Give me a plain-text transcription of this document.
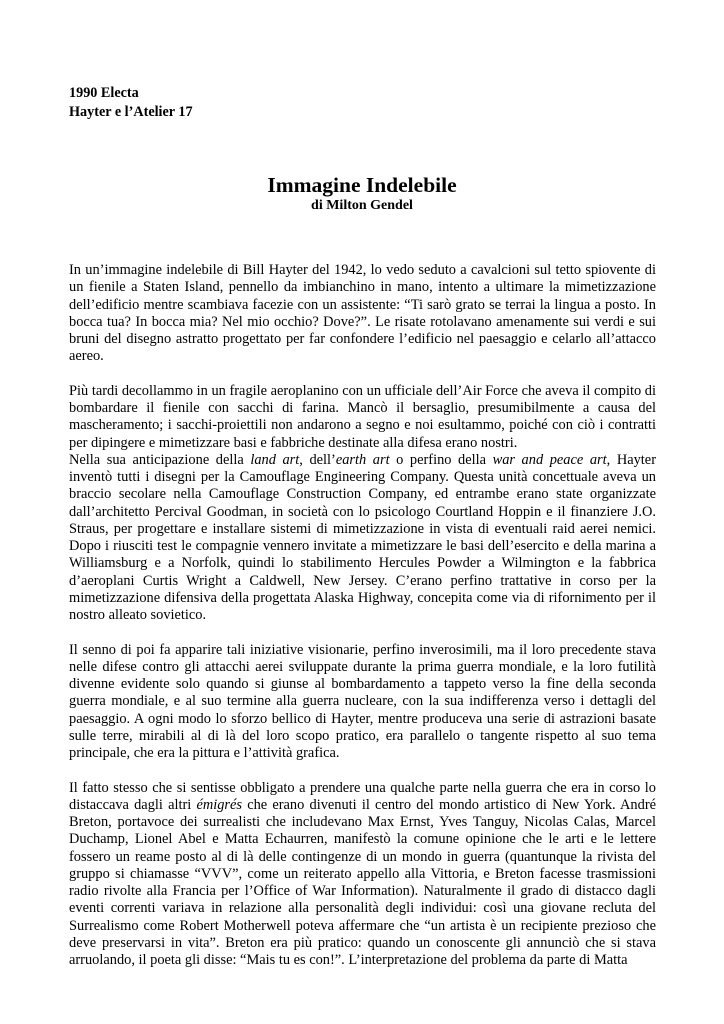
1990 Electa
Hayter e l’Atelier 17
Immagine Indelebile
di Milton Gendel

In un’immagine indelebile di Bill Hayter del 1942, lo vedo seduto a cavalcioni sul tetto spiovente di un fienile a Staten Island, pennello da imbianchino in mano, intento a ultimare la mimetizzazione dell’edificio mentre scambiava facezie con un assistente: “Ti sarò grato se terrai la lingua a posto. In bocca tua? In bocca mia? Nel mio occhio? Dove?”. Le risate rotolavano amenamente sui verdi e sui bruni del disegno astratto progettato per far confondere l’edificio nel paesaggio e celarlo all’attacco aereo.

Più tardi decollammo in un fragile aeroplanino con un ufficiale dell’Air Force che aveva il compito di bombardare il fienile con sacchi di farina. Mancò il bersaglio, presumibilmente a causa del mascheramento; i sacchi-proiettili non andarono a segno e noi esultammo, poiché con ciò i contratti per dipingere e mimetizzare basi e fabbriche destinate alla difesa erano nostri.

Nella sua anticipazione della land art, dell’earth art o perfino della war and peace art, Hayter inventò tutti i disegni per la Camouflage Engineering Company. Questa unità concettuale aveva un braccio secolare nella Camouflage Construction Company, ed entrambe erano state organizzate dall’architetto Percival Goodman, in società con lo psicologo Courtland Hoppin e il finanziere J.O. Straus, per progettare e installare sistemi di mimetizzazione in vista di eventuali raid aerei nemici. Dopo i riusciti test le compagnie vennero invitate a mimetizzare le basi dell’esercito e della marina a Williamsburg e a Norfolk, quindi lo stabilimento Hercules Powder a Wilmington e la fabbrica d’aeroplani Curtis Wright a Caldwell, New Jersey. C’erano perfino trattative in corso per la mimetizzazione difensiva della progettata Alaska Highway, concepita come via di rifornimento per il nostro alleato sovietico.

Il senno di poi fa apparire tali iniziative visionarie, perfino inverosimili, ma il loro precedente stava nelle difese contro gli attacchi aerei sviluppate durante la prima guerra mondiale, e la loro futilità divenne evidente solo quando si giunse al bombardamento a tappeto verso la fine della seconda guerra mondiale, e al suo termine alla guerra nucleare, con la sua indifferenza verso i dettagli del paesaggio. A ogni modo lo sforzo bellico di Hayter, mentre produceva una serie di astrazioni basate sulle terre, mirabili al di là del loro scopo pratico, era parallelo o tangente rispetto al suo tema principale, che era la pittura e l’attività grafica.

Il fatto stesso che si sentisse obbligato a prendere una qualche parte nella guerra che era in corso lo distaccava dagli altri émigrés che erano divenuti il centro del mondo artistico di New York. André Breton, portavoce dei surrealisti che includevano Max Ernst, Yves Tanguy, Nicolas Calas, Marcel Duchamp, Lionel Abel e Matta Echaurren, manifestò la comune opinione che le arti e le lettere fossero un reame posto al di là delle contingenze di un mondo in guerra (quantunque la rivista del gruppo si chiamasse “VVV”, come un reiterato appello alla Vittoria, e Breton facesse trasmissioni radio rivolte alla Francia per l’Office of War Information). Naturalmente il grado di distacco dagli eventi correnti variava in relazione alla personalità degli individui: così una giovane recluta del Surrealismo come Robert Motherwell poteva affermare che “un artista è un recipiente prezioso che deve preservarsi in vita”. Breton era più pratico: quando un conoscente gli annunciò che si stava arruolando, il poeta gli disse: “Mais tu es con!”. L’interpretazione del problema da parte di Matta
